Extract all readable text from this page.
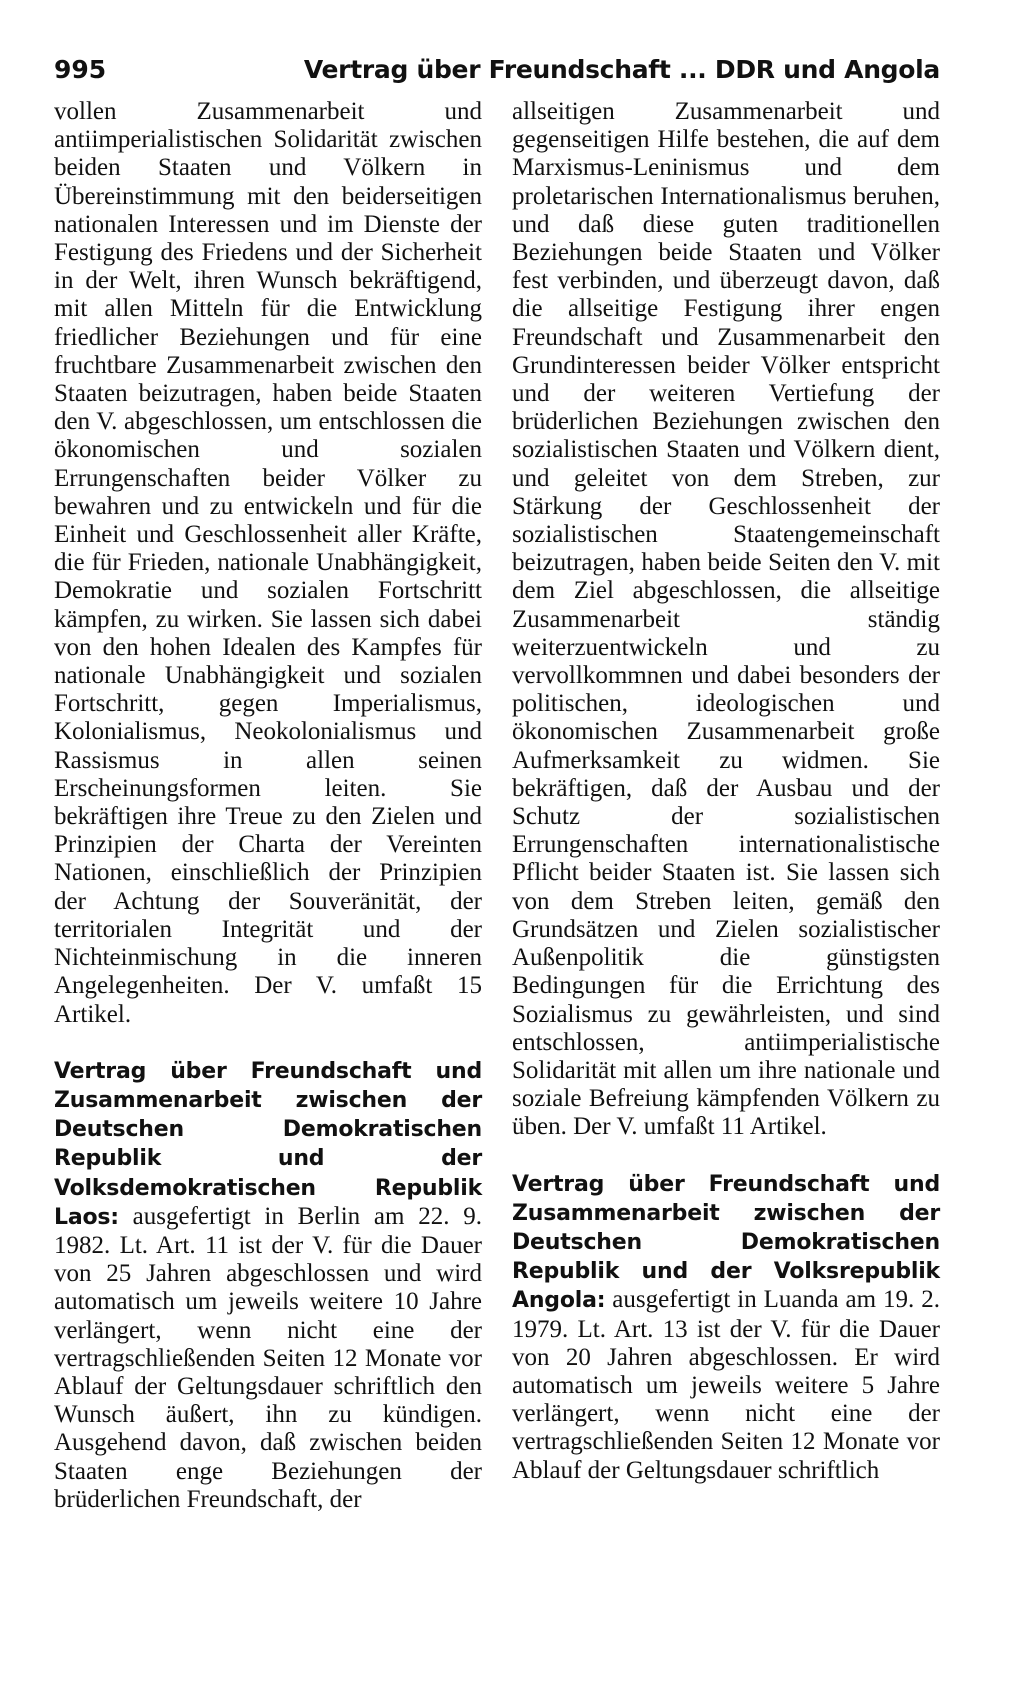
995	Vertrag über Freundschaft ... DDR und Angola

vollen Zusammenarbeit und antiimperialistischen Solidarität zwischen beiden Staaten und Völkern in Übereinstimmung mit den beiderseitigen nationalen Interessen und im Dienste der Festigung des Friedens und der Sicherheit in der Welt, ihren Wunsch bekräftigend, mit allen Mitteln für die Entwicklung friedlicher Beziehungen und für eine fruchtbare Zusammenarbeit zwischen den Staaten beizutragen, haben beide Staaten den V. abgeschlossen, um entschlossen die ökonomischen und sozialen Errungenschaften beider Völker zu bewahren und zu entwickeln und für die Einheit und Geschlossenheit aller Kräfte, die für Frieden, nationale Unabhängigkeit, Demokratie und sozialen Fortschritt kämpfen, zu wirken. Sie lassen sich dabei von den hohen Idealen des Kampfes für nationale Unabhängigkeit und sozialen Fortschritt, gegen Imperialismus, Kolonialismus, Neokolonialismus und Rassismus in allen seinen Erscheinungsformen leiten. Sie bekräftigen ihre Treue zu den Zielen und Prinzipien der Charta der Vereinten Nationen, einschließlich der Prinzipien der Achtung der Souveränität, der territorialen Integrität und der Nichteinmischung in die inneren Angelegenheiten. Der V. umfaßt 15 Artikel.

Vertrag über Freundschaft und Zusammenarbeit zwischen der Deutschen Demokratischen Republik und der Volksdemokratischen Republik Laos: ausgefertigt in Berlin am 22. 9. 1982. Lt. Art. 11 ist der V. für die Dauer von 25 Jahren abgeschlossen und wird automatisch um jeweils weitere 10 Jahre verlängert, wenn nicht eine der vertragschließenden Seiten 12 Monate vor Ablauf der Geltungsdauer schriftlich den Wunsch äußert, ihn zu kündigen. Ausgehend davon, daß zwischen beiden Staaten enge Beziehungen der brüderlichen Freundschaft, der

allseitigen Zusammenarbeit und gegenseitigen Hilfe bestehen, die auf dem Marxismus-Leninismus und dem proletarischen Internationalismus beruhen, und daß diese guten traditionellen Beziehungen beide Staaten und Völker fest verbinden, und überzeugt davon, daß die allseitige Festigung ihrer engen Freundschaft und Zusammenarbeit den Grundinteressen beider Völker entspricht und der weiteren Vertiefung der brüderlichen Beziehungen zwischen den sozialistischen Staaten und Völkern dient, und geleitet von dem Streben, zur Stärkung der Geschlossenheit der sozialistischen Staatengemeinschaft beizutragen, haben beide Seiten den V. mit dem Ziel abgeschlossen, die allseitige Zusammenarbeit ständig weiterzuentwickeln und zu vervollkommnen und dabei besonders der politischen, ideologischen und ökonomischen Zusammenarbeit große Aufmerksamkeit zu widmen. Sie bekräftigen, daß der Ausbau und der Schutz der sozialistischen Errungenschaften internationalistische Pflicht beider Staaten ist. Sie lassen sich von dem Streben leiten, gemäß den Grundsätzen und Zielen sozialistischer Außenpolitik die günstigsten Bedingungen für die Errichtung des Sozialismus zu gewährleisten, und sind entschlossen, antiimperialistische Solidarität mit allen um ihre nationale und soziale Befreiung kämpfenden Völkern zu üben. Der V. umfaßt 11 Artikel.

Vertrag über Freundschaft und Zusammenarbeit zwischen der Deutschen Demokratischen Republik und der Volksrepublik Angola: ausgefertigt in Luanda am 19. 2. 1979. Lt. Art. 13 ist der V. für die Dauer von 20 Jahren abgeschlossen. Er wird automatisch um jeweils weitere 5 Jahre verlängert, wenn nicht eine der vertragschließenden Seiten 12 Monate vor Ablauf der Geltungsdauer schriftlich
